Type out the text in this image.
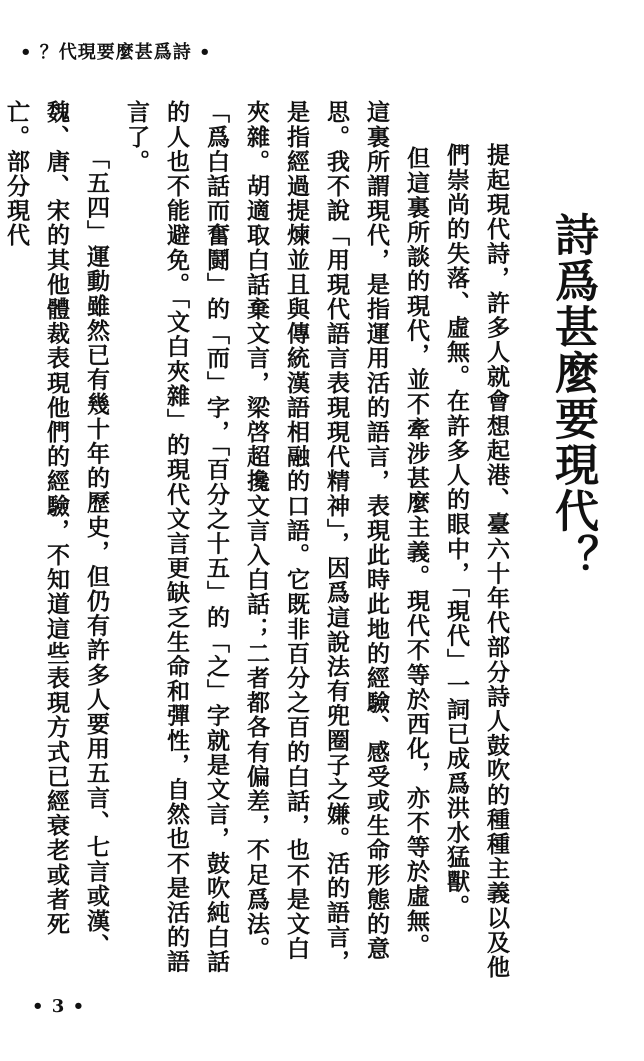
• ？代現要麼甚爲詩 •
詩爲甚麼要現代？

提起現代詩，許多人就會想起港、臺六十年代部分詩人鼓吹的種種主義以及他們崇尚的失落、虛無。在許多人的眼中，「現代」一詞已成爲洪水猛獸。

但這裏所談的現代，並不牽涉甚麼主義。現代不等於西化，亦不等於虛無。這裏所謂現代，是指運用活的語言，表現此時此地的經驗、感受或生命形態的意思。我不說「用現代語言表現現代精神」，因爲這說法有兜圈子之嫌。活的語言，是指經過提煉並且與傳統漢語相融的口語。它既非百分之百的白話，也不是文白夾雜。胡適取白話棄文言，梁啓超攙文言入白話；二者都各有偏差，不足爲法。「爲白話而奮鬪」的「而」字，「百分之十五」的「之」字就是文言，鼓吹純白話的人也不能避免。「文白夾雜」的現代文言更缺乏生命和彈性，自然也不是活的語言了。

「五四」運動雖然已有幾十年的歷史，但仍有許多人要用五言、七言或漢、魏、唐、宋的其他體裁表現他們的經驗，不知道這些表現方式已經衰老或者死亡。部分現代

• 3 •
